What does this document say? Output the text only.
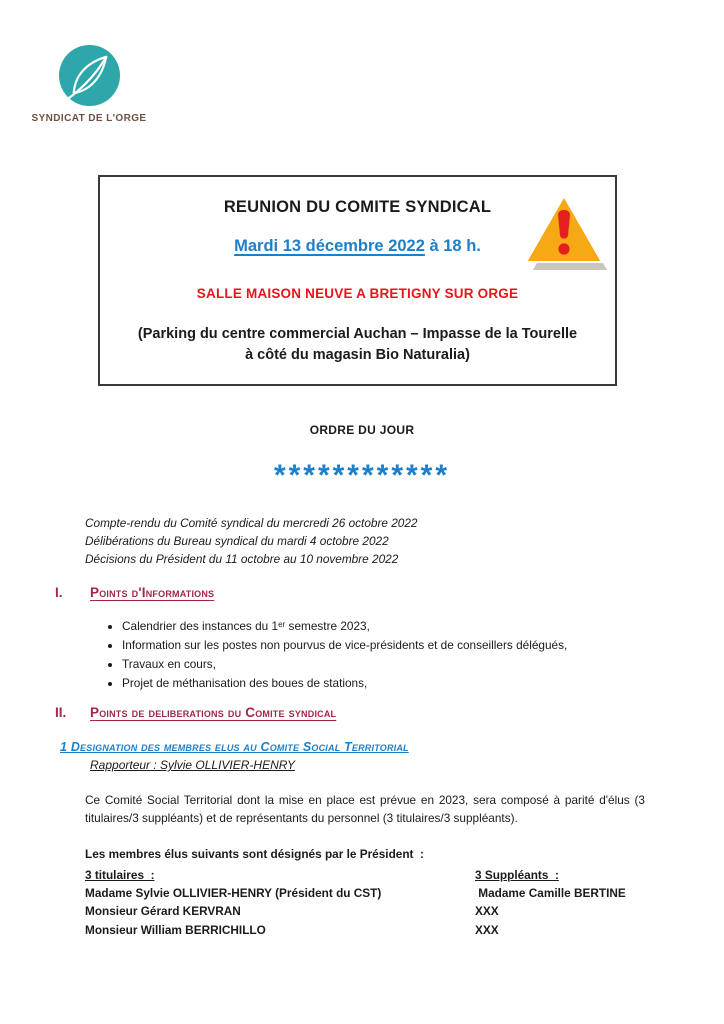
SYNDICAT DE L'ORGE
REUNION DU COMITE SYNDICAL
Mardi 13 décembre 2022 à 18 h.
SALLE MAISON NEUVE A BRETIGNY SUR ORGE
(Parking du centre commercial Auchan – Impasse de la Tourelle
à côté du magasin Bio Naturalia)
ORDRE DU JOUR
************
Compte-rendu du Comité syndical du mercredi 26 octobre 2022
Délibérations du Bureau syndical du mardi 4 octobre 2022
Décisions du Président du 11 octobre au 10 novembre 2022
I. Points d'Informations
• Calendrier des instances du 1ᵉʳ semestre 2023,
• Information sur les postes non pourvus de vice-présidents et de conseillers délégués,
• Travaux en cours,
• Projet de méthanisation des boues de stations,
II. Points de deliberations du Comite syndical
1 Designation des membres elus au Comite Social Territorial
Rapporteur : Sylvie OLLIVIER-HENRY
Ce Comité Social Territorial dont la mise en place est prévue en 2023, sera composé à parité d'élus (3 titulaires/3 suppléants) et de représentants du personnel (3 titulaires/3 suppléants).
Les membres élus suivants sont désignés par le Président  :
3 titulaires  :	3 Suppléants  :
Madame Sylvie OLLIVIER-HENRY (Président du CST)	Madame Camille BERTINE
Monsieur Gérard KERVRAN	XXX
Monsieur William BERRICHILLO	XXX
